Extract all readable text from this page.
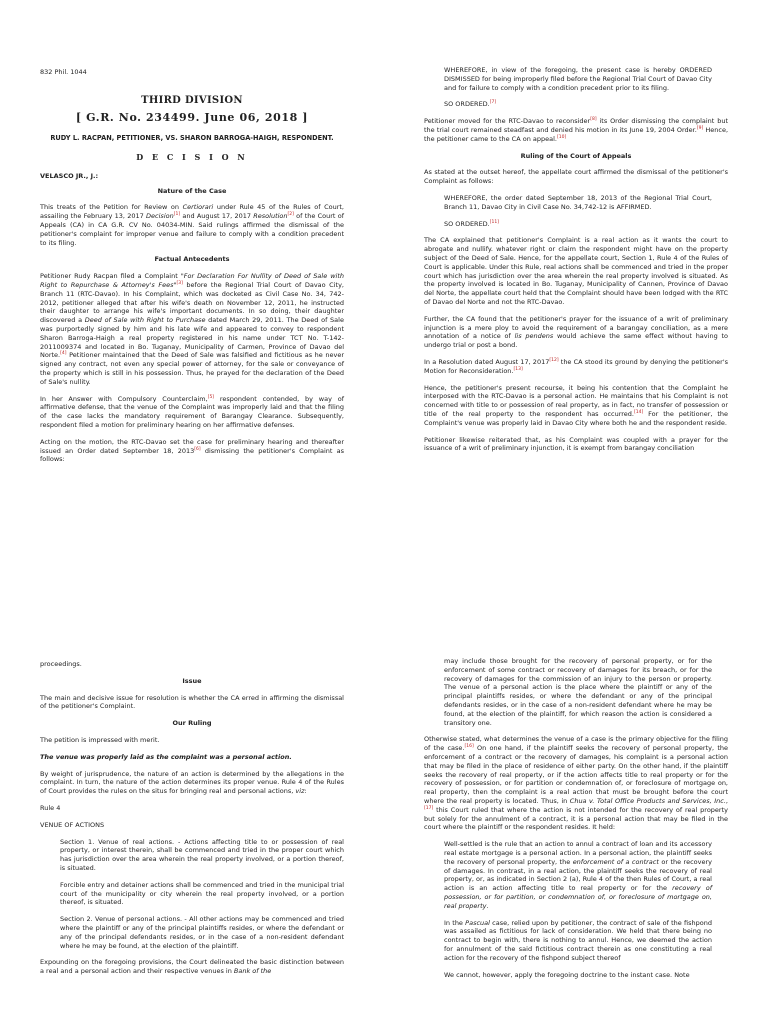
832 Phil. 1044
THIRD DIVISION
[ G.R. No. 234499. June 06, 2018 ]
RUDY L. RACPAN, PETITIONER, VS. SHARON BARROGA-HAIGH, RESPONDENT.
D E C I S I O N
VELASCO JR., J.:
Nature of the Case

This treats of the Petition for Review on Certiorari under Rule 45 of the Rules of Court, assailing the February 13, 2017 Decision[1] and August 17, 2017 Resolution[2] of the Court of Appeals (CA) in CA G.R. CV No. 04034-MIN. Said rulings affirmed the dismissal of the petitioner's complaint for improper venue and failure to comply with a condition precedent to its filing.

Factual Antecedents

Petitioner Rudy Racpan filed a Complaint "For Declaration For Nullity of Deed of Sale with Right to Repurchase & Attorney's Fees"[3] before the Regional Trial Court of Davao City, Branch 11 (RTC-Davao). In his Complaint, which was docketed as Civil Case No. 34, 742-2012, petitioner alleged that after his wife's death on November 12, 2011, he instructed their daughter to arrange his wife's important documents. In so doing, their daughter discovered a Deed of Sale with Right to Purchase dated March 29, 2011. The Deed of Sale was purportedly signed by him and his late wife and appeared to convey to respondent Sharon Barroga-Haigh a real property registered in his name under TCT No. T-142-2011009374 and located in Bo. Tuganay, Municipality of Carmen, Province of Davao del Norte.[4] Petitioner maintained that the Deed of Sale was falsified and fictitious as he never signed any contract, not even any special power of attorney, for the sale or conveyance of the property which is still in his possession. Thus, he prayed for the declaration of the Deed of Sale's nullity.

In her Answer with Compulsory Counterclaim,[5] respondent contended, by way of affirmative defense, that the venue of the Complaint was improperly laid and that the filing of the case lacks the mandatory requirement of Barangay Clearance. Subsequently, respondent filed a motion for preliminary hearing on her affirmative defenses.

Acting on the motion, the RTC-Davao set the case for preliminary hearing and thereafter issued an Order dated September 18, 2013[6] dismissing the petitioner's Complaint as follows:

WHEREFORE, in view of the foregoing, the present case is hereby ORDERED DISMISSED for being improperly filed before the Regional Trial Court of Davao City and for failure to comply with a condition precedent prior to its filing.

SO ORDERED.[7]

Petitioner moved for the RTC-Davao to reconsider[8] its Order dismissing the complaint but the trial court remained steadfast and denied his motion in its June 19, 2004 Order.[9] Hence, the petitioner came to the CA on appeal.[10]

Ruling of the Court of Appeals

As stated at the outset hereof, the appellate court affirmed the dismissal of the petitioner's Complaint as follows:

WHEREFORE, the order dated September 18, 2013 of the Regional Trial Court, Branch 11, Davao City in Civil Case No. 34,742-12 is AFFIRMED.

SO ORDERED.[11]

The CA explained that petitioner's Complaint is a real action as it wants the court to abrogate and nullify. whatever right or claim the respondent might have on the property subject of the Deed of Sale. Hence, for the appellate court, Section 1, Rule 4 of the Rules of Court is applicable. Under this Rule, real actions shall be commenced and tried in the proper court which has jurisdiction over the area wherein the real property involved is situated. As the property involved is located in Bo. Tuganay, Municipality of Cannen, Province of Davao del Norte, the appellate court held that the Complaint should have been lodged with the RTC of Davao del Norte and not the RTC-Davao.

Further, the CA found that the petitioner's prayer for the issuance of a writ of preliminary injunction is a mere ploy to avoid the requirement of a barangay conciliation, as a mere annotation of a notice of lis pendens would achieve the same effect without having to undergo trial or post a bond.

In a Resolution dated August 17, 2017[12] the CA stood its ground by denying the petitioner's Motion for Reconsideration.[13]

Hence, the petitioner's present recourse, it being his contention that the Complaint he interposed with the RTC-Davao is a personal action. He maintains that his Complaint is not concerned with title to or possession of real property, as in fact, no transfer of possession or title of the real property to the respondent has occurred.[14] For the petitioner, the Complaint's venue was properly laid in Davao City where both he and the respondent reside.

Petitioner likewise reiterated that, as his Complaint was coupled with a prayer for the issuance of a writ of preliminary injunction, it is exempt from barangay conciliation

proceedings.

Issue

The main and decisive issue for resolution is whether the CA erred in affirming the dismissal of the petitioner's Complaint.

Our Ruling

The petition is impressed with merit.

The venue was properly laid as the complaint was a personal action.

By weight of jurisprudence, the nature of an action is determined by the allegations in the complaint. In turn, the nature of the action determines its proper venue. Rule 4 of the Rules of Court provides the rules on the situs for bringing real and personal actions, viz:

Rule 4

VENUE OF ACTIONS

Section 1. Venue of real actions. - Actions affecting title to or possession of real property, or interest therein, shall be commenced and tried in the proper court which has jurisdiction over the area wherein the real property involved, or a portion thereof, is situated.

Forcible entry and detainer actions shall be commenced and tried in the municipal trial court of the municipality or city wherein the real property involved, or a portion thereof, is situated.

Section 2. Venue of personal actions. - All other actions may be commenced and tried where the plaintiff or any of the principal plaintiffs resides, or where the defendant or any of the principal defendants resides, or in the case of a non-resident defendant where he may be found, at the election of the plaintiff.

Expounding on the foregoing provisions, the Court delineated the basic distinction between a real and a personal action and their respective venues in Bank of the

may include those brought for the recovery of personal property, or for the enforcement of some contract or recovery of damages for its breach, or for the recovery of damages for the commission of an injury to the person or property. The venue of a personal action is the place where the plaintiff or any of the principal plaintiffs resides, or where the defendant or any of the principal defendants resides, or in the case of a non-resident defendant where he may be found, at the election of the plaintiff, for which reason the action is considered a transitory one.

Otherwise stated, what determines the venue of a case is the primary objective for the filing of the case.[16] On one hand, if the plaintiff seeks the recovery of personal property, the enforcement of a contract or the recovery of damages, his complaint is a personal action that may be filed in the place of residence of either party. On the other hand, if the plaintiff seeks the recovery of real property, or if the action affects title to real property or for the recovery of possession, or for partition or condemnation of, or foreclosure of mortgage on, real property, then the complaint is a real action that must be brought before the court where the real property is located. Thus, in Chua v. Total Office Products and Services, Inc.,[17] this Court ruled that where the action is not intended for the recovery of real property but solely for the annulment of a contract, it is a personal action that may be filed in the court where the plaintiff or the respondent resides. It held:

Well-settled is the rule that an action to annul a contract of loan and its accessory real estate mortgage is a personal action. In a personal action, the plaintiff seeks the recovery of personal property, the enforcement of a contract or the recovery of damages. In contrast, in a real action, the plaintiff seeks the recovery of real property, or, as indicated in Section 2 (a), Rule 4 of the then Rules of Court, a real action is an action affecting title to real property or for the recovery of possession, or for partition, or condemnation of, or foreclosure of mortgage on, real property.

In the Pascual case, relied upon by petitioner, the contract of sale of the fishpond was assailed as fictitious for lack of consideration. We held that there being no contract to begin with, there is nothing to annul. Hence, we deemed the action for annulment of the said fictitious contract therein as one constituting a real action for the recovery of the fishpond subject thereof

We cannot, however, apply the foregoing doctrine to the instant case. Note
